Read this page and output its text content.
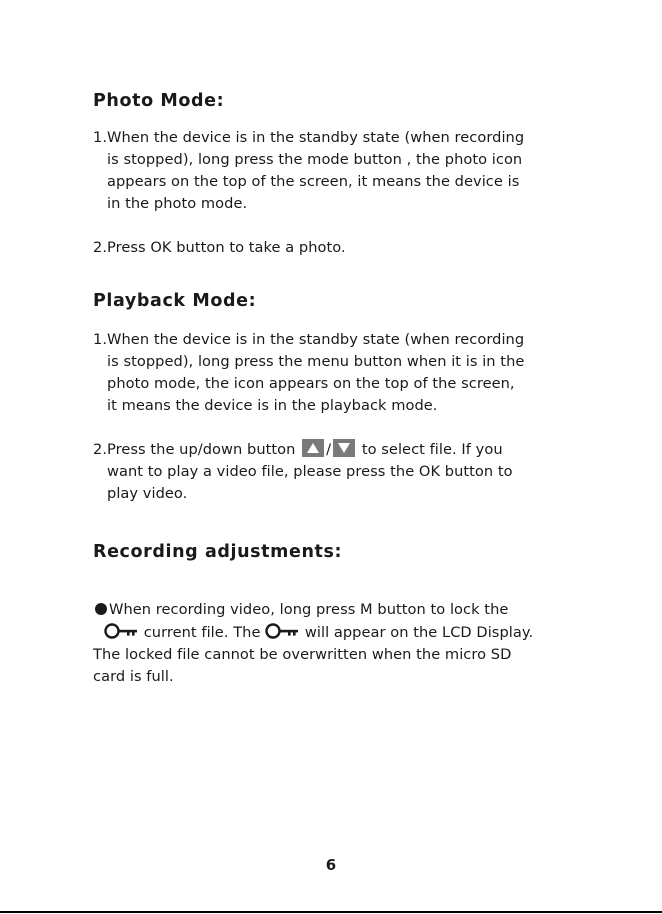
Photo Mode:

1.When the device is in the standby state (when recording

is stopped), long press the mode button , the photo icon

appears on the top of the screen, it means the device is

in the photo mode.

2.Press OK button to take a photo.

Playback Mode:

1.When the device is in the standby state (when recording

is stopped), long press the menu button when it is in the

photo mode, the icon appears on the top of the screen,

it means the device is in the playback mode.

2.Press the up/down button / to select file. If you

want to play a video file, please press the OK button to

play video.

Recording adjustments:

When recording video, long press M button to lock the

current file. The	will appear on the LCD Display.

The locked file cannot be overwritten when the micro SD

card is full.

6
